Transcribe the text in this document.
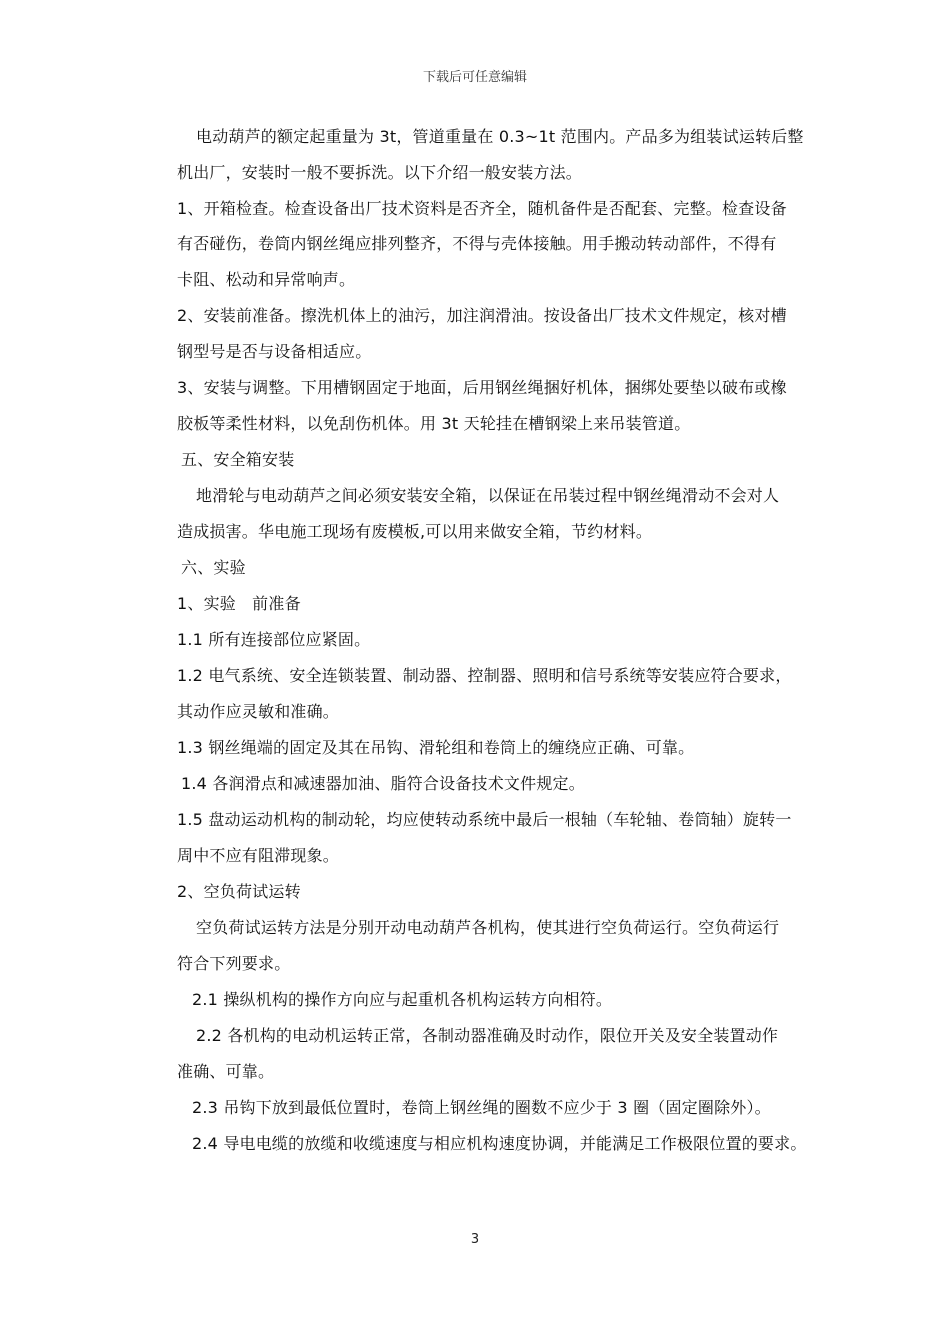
下载后可任意编辑
电动葫芦的额定起重量为 3t，管道重量在 0.3~1t 范围内。产品多为组装试运转后整
机出厂，安装时一般不要拆洗。以下介绍一般安装方法。
1、开箱检查。检查设备出厂技术资料是否齐全，随机备件是否配套、完整。检查设备
有否碰伤，卷筒内钢丝绳应排列整齐，不得与壳体接触。用手搬动转动部件，不得有
卡阻、松动和异常响声。
2、安装前准备。擦洗机体上的油污，加注润滑油。按设备出厂技术文件规定，核对槽
钢型号是否与设备相适应。
3、安装与调整。下用槽钢固定于地面，后用钢丝绳捆好机体，捆绑处要垫以破布或橡
胶板等柔性材料，以免刮伤机体。用 3t 天轮挂在槽钢梁上来吊装管道。
五、安全箱安装
地滑轮与电动葫芦之间必须安装安全箱，以保证在吊装过程中钢丝绳滑动不会对人
造成损害。华电施工现场有废模板,可以用来做安全箱，节约材料。
六、实验
1、实验　前准备
1.1 所有连接部位应紧固。
1.2 电气系统、安全连锁装置、制动器、控制器、照明和信号系统等安装应符合要求，
其动作应灵敏和准确。
1.3 钢丝绳端的固定及其在吊钩、滑轮组和卷筒上的缠绕应正确、可靠。
1.4 各润滑点和减速器加油、脂符合设备技术文件规定。
1.5 盘动运动机构的制动轮，均应使转动系统中最后一根轴（车轮轴、卷筒轴）旋转一
周中不应有阻滞现象。
2、空负荷试运转
空负荷试运转方法是分别开动电动葫芦各机构，使其进行空负荷运行。空负荷运行
符合下列要求。
2.1 操纵机构的操作方向应与起重机各机构运转方向相符。
2.2 各机构的电动机运转正常，各制动器准确及时动作，限位开关及安全装置动作
准确、可靠。
2.3 吊钩下放到最低位置时，卷筒上钢丝绳的圈数不应少于 3 圈（固定圈除外）。
2.4 导电电缆的放缆和收缆速度与相应机构速度协调，并能满足工作极限位置的要求。
3
